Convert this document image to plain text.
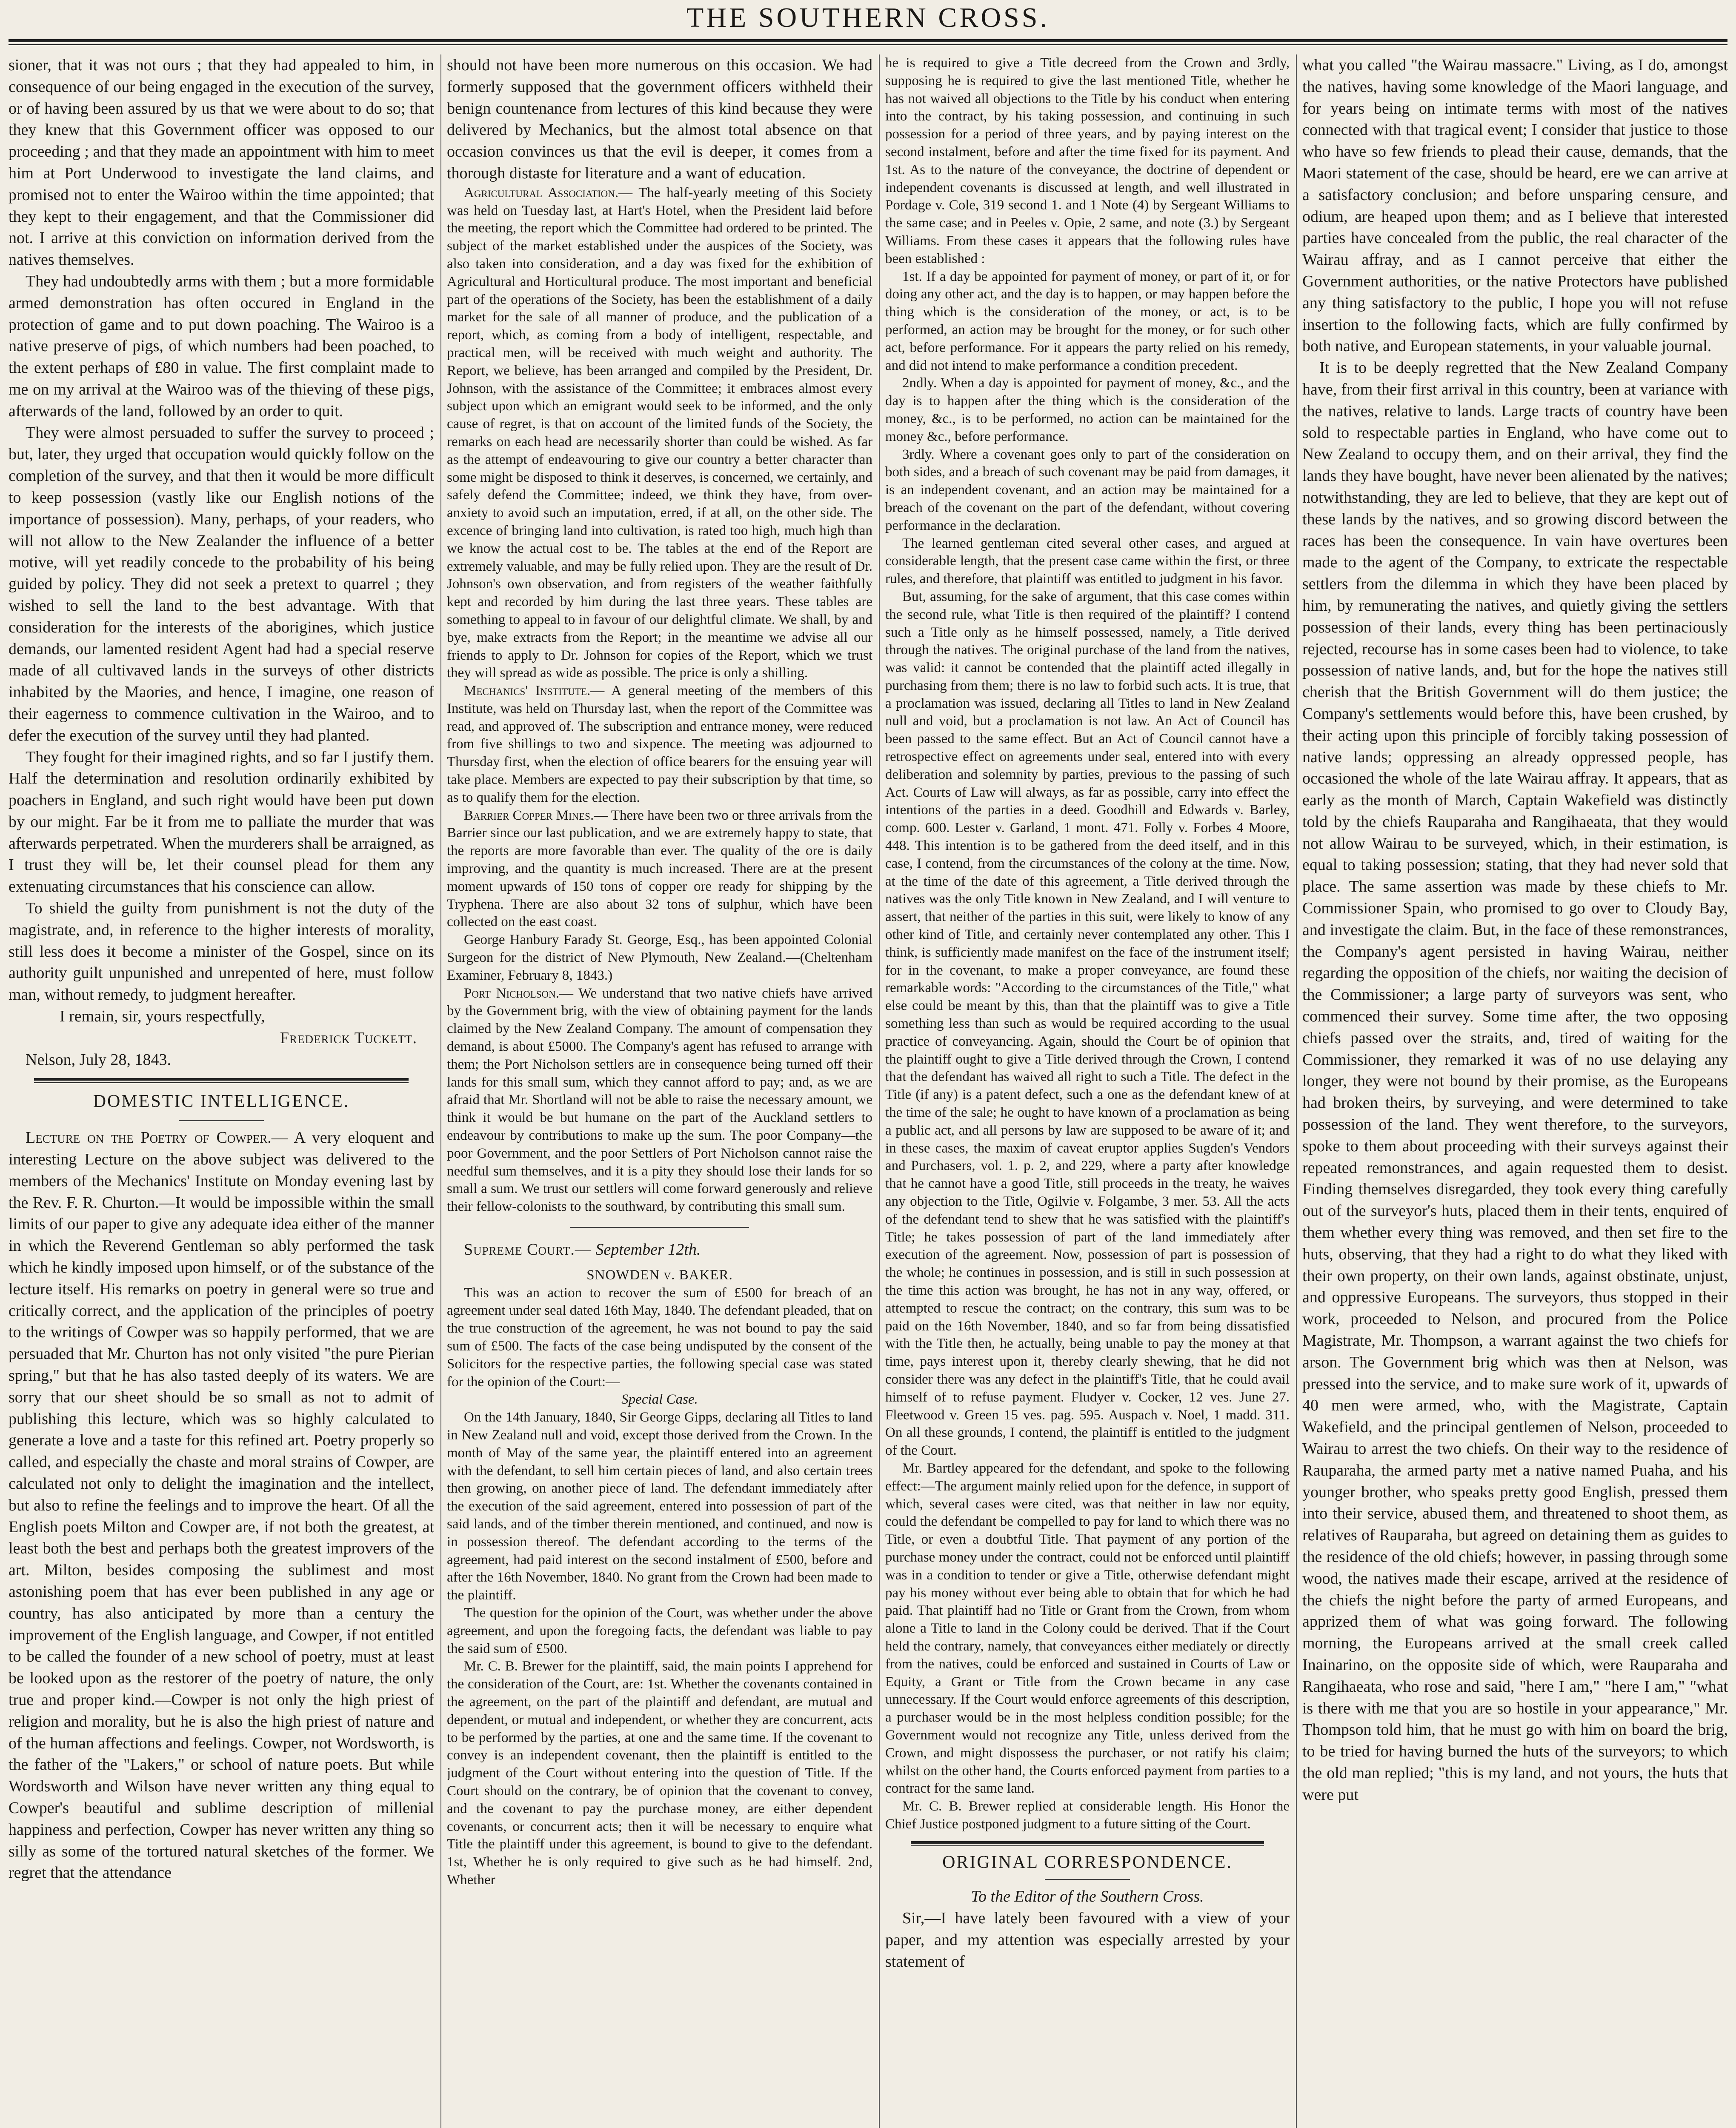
THE SOUTHERN CROSS.

sioner, that it was not ours ; that they had appealed to him, in consequence of our being engaged in the execution of the survey, or of having been assured by us that we were about to do so; that they knew that this Government officer was opposed to our proceeding ; and that they made an appointment with him to meet him at Port Underwood to investigate the land claims, and promised not to enter the Wairoo within the time appointed; that they kept to their engagement, and that the Commissioner did not. I arrive at this conviction on information derived from the natives themselves.

They had undoubtedly arms with them ; but a more formidable armed demonstration has often occured in England in the protection of game and to put down poaching. The Wairoo is a native preserve of pigs, of which numbers had been poached, to the extent perhaps of £80 in value. The first complaint made to me on my arrival at the Wairoo was of the thieving of these pigs, afterwards of the land, followed by an order to quit.

They were almost persuaded to suffer the survey to proceed ; but, later, they urged that occupation would quickly follow on the completion of the survey, and that then it would be more difficult to keep possession (vastly like our English notions of the importance of possession). Many, perhaps, of your readers, who will not allow to the New Zealander the influence of a better motive, will yet readily concede to the probability of his being guided by policy. They did not seek a pretext to quarrel ; they wished to sell the land to the best advantage. With that consideration for the interests of the aborigines, which justice demands, our lamented resident Agent had had a special reserve made of all cultivaved lands in the surveys of other districts inhabited by the Maories, and hence, I imagine, one reason of their eagerness to commence cultivation in the Wairoo, and to defer the execution of the survey until they had planted.

They fought for their imagined rights, and so far I justify them. Half the determination and resolution ordinarily exhibited by poachers in England, and such right would have been put down by our might. Far be it from me to palliate the murder that was afterwards perpetrated. When the murderers shall be arraigned, as I trust they will be, let their counsel plead for them any extenuating circumstances that his conscience can allow.

To shield the guilty from punishment is not the duty of the magistrate, and, in reference to the higher interests of morality, still less does it become a minister of the Gospel, since on its authority guilt unpunished and unrepented of here, must follow man, without remedy, to judgment hereafter.

I remain, sir, yours respectfully,

Frederick Tuckett.

Nelson, July 28, 1843.

DOMESTIC INTELLIGENCE.

Lecture on the Poetry of Cowper.— A very eloquent and interesting Lecture on the above subject was delivered to the members of the Mechanics' Institute on Monday evening last by the Rev. F. R. Churton.—It would be impossible within the small limits of our paper to give any adequate idea either of the manner in which the Reverend Gentleman so ably performed the task which he kindly imposed upon himself, or of the substance of the lecture itself. His remarks on poetry in general were so true and critically correct, and the application of the principles of poetry to the writings of Cowper was so happily performed, that we are persuaded that Mr. Churton has not only visited "the pure Pierian spring," but that he has also tasted deeply of its waters. We are sorry that our sheet should be so small as not to admit of publishing this lecture, which was so highly calculated to generate a love and a taste for this refined art. Poetry properly so called, and especially the chaste and moral strains of Cowper, are calculated not only to delight the imagination and the intellect, but also to refine the feelings and to improve the heart. Of all the English poets Milton and Cowper are, if not both the greatest, at least both the best and perhaps both the greatest improvers of the art. Milton, besides composing the sublimest and most astonishing poem that has ever been published in any age or country, has also anticipated by more than a century the improvement of the English language, and Cowper, if not entitled to be called the founder of a new school of poetry, must at least be looked upon as the restorer of the poetry of nature, the only true and proper kind.—Cowper is not only the high priest of religion and morality, but he is also the high priest of nature and of the human affections and feelings. Cowper, not Wordsworth, is the father of the "Lakers," or school of nature poets. But while Wordsworth and Wilson have never written any thing equal to Cowper's beautiful and sublime description of millenial happiness and perfection, Cowper has never written any thing so silly as some of the tortured natural sketches of the former. We regret that the attendance

should not have been more numerous on this occasion. We had formerly supposed that the government officers withheld their benign countenance from lectures of this kind because they were delivered by Mechanics, but the almost total absence on that occasion convinces us that the evil is deeper, it comes from a thorough distaste for literature and a want of education.

Agricultural Association.— The half-yearly meeting of this Society was held on Tuesday last, at Hart's Hotel, when the President laid before the meeting, the report which the Committee had ordered to be printed. The subject of the market established under the auspices of the Society, was also taken into consideration, and a day was fixed for the exhibition of Agricultural and Horticultural produce. The most important and beneficial part of the operations of the Society, has been the establishment of a daily market for the sale of all manner of produce, and the publication of a report, which, as coming from a body of intelligent, respectable, and practical men, will be received with much weight and authority. The Report, we believe, has been arranged and compiled by the President, Dr. Johnson, with the assistance of the Committee; it embraces almost every subject upon which an emigrant would seek to be informed, and the only cause of regret, is that on account of the limited funds of the Society, the remarks on each head are necessarily shorter than could be wished. As far as the attempt of endeavouring to give our country a better character than some might be disposed to think it deserves, is concerned, we certainly, and safely defend the Committee; indeed, we think they have, from over-anxiety to avoid such an imputation, erred, if at all, on the other side. The excence of bringing land into cultivation, is rated too high, much high than we know the actual cost to be. The tables at the end of the Report are extremely valuable, and may be fully relied upon. They are the result of Dr. Johnson's own observation, and from registers of the weather faithfully kept and recorded by him during the last three years. These tables are something to appeal to in favour of our delightful climate. We shall, by and bye, make extracts from the Report; in the meantime we advise all our friends to apply to Dr. Johnson for copies of the Report, which we trust they will spread as wide as possible. The price is only a shilling.

Mechanics' Institute.— A general meeting of the members of this Institute, was held on Thursday last, when the report of the Committee was read, and approved of. The subscription and entrance money, were reduced from five shillings to two and sixpence. The meeting was adjourned to Thursday first, when the election of office bearers for the ensuing year will take place. Members are expected to pay their subscription by that time, so as to qualify them for the election.

Barrier Copper Mines.— There have been two or three arrivals from the Barrier since our last publication, and we are extremely happy to state, that the reports are more favorable than ever. The quality of the ore is daily improving, and the quantity is much increased. There are at the present moment upwards of 150 tons of copper ore ready for shipping by the Tryphena. There are also about 32 tons of sulphur, which have been collected on the east coast.

George Hanbury Farady St. George, Esq., has been appointed Colonial Surgeon for the district of New Plymouth, New Zealand.—(Cheltenham Examiner, February 8, 1843.)

Port Nicholson.— We understand that two native chiefs have arrived by the Government brig, with the view of obtaining payment for the lands claimed by the New Zealand Company. The amount of compensation they demand, is about £5000. The Company's agent has refused to arrange with them; the Port Nicholson settlers are in consequence being turned off their lands for this small sum, which they cannot afford to pay; and, as we are afraid that Mr. Shortland will not be able to raise the necessary amount, we think it would be but humane on the part of the Auckland settlers to endeavour by contributions to make up the sum. The poor Company—the poor Government, and the poor Settlers of Port Nicholson cannot raise the needful sum themselves, and it is a pity they should lose their lands for so small a sum. We trust our settlers will come forward generously and relieve their fellow-colonists to the southward, by contributing this small sum.

Supreme Court.— September 12th.

SNOWDEN v. BAKER.

This was an action to recover the sum of £500 for breach of an agreement under seal dated 16th May, 1840. The defendant pleaded, that on the true construction of the agreement, he was not bound to pay the said sum of £500. The facts of the case being undisputed by the consent of the Solicitors for the respective parties, the following special case was stated for the opinion of the Court:—

Special Case.

On the 14th January, 1840, Sir George Gipps, declaring all Titles to land in New Zealand null and void, except those derived from the Crown. In the month of May of the same year, the plaintiff entered into an agreement with the defendant, to sell him certain pieces of land, and also certain trees then growing, on another piece of land. The defendant immediately after the execution of the said agreement, entered into possession of part of the said lands, and of the timber therein mentioned, and continued, and now is in possession thereof. The defendant according to the terms of the agreement, had paid interest on the second instalment of £500, before and after the 16th November, 1840. No grant from the Crown had been made to the plaintiff.

The question for the opinion of the Court, was whether under the above agreement, and upon the foregoing facts, the defendant was liable to pay the said sum of £500.

Mr. C. B. Brewer for the plaintiff, said, the main points I apprehend for the consideration of the Court, are: 1st. Whether the covenants contained in the agreement, on the part of the plaintiff and defendant, are mutual and dependent, or mutual and independent, or whether they are concurrent, acts to be performed by the parties, at one and the same time. If the covenant to convey is an independent covenant, then the plaintiff is entitled to the judgment of the Court without entering into the question of Title. If the Court should on the contrary, be of opinion that the covenant to convey, and the covenant to pay the purchase money, are either dependent covenants, or concurrent acts; then it will be necessary to enquire what Title the plaintiff under this agreement, is bound to give to the defendant. 1st, Whether he is only required to give such as he had himself. 2nd, Whether

he is required to give a Title decreed from the Crown and 3rdly, supposing he is required to give the last mentioned Title, whether he has not waived all objections to the Title by his conduct when entering into the contract, by his taking possession, and continuing in such possession for a period of three years, and by paying interest on the second instalment, before and after the time fixed for its payment. And 1st. As to the nature of the conveyance, the doctrine of dependent or independent covenants is discussed at length, and well illustrated in Pordage v. Cole, 319 second 1. and 1 Note (4) by Sergeant Williams to the same case; and in Peeles v. Opie, 2 same, and note (3.) by Sergeant Williams. From these cases it appears that the following rules have been established :

1st. If a day be appointed for payment of money, or part of it, or for doing any other act, and the day is to happen, or may happen before the thing which is the consideration of the money, or act, is to be performed, an action may be brought for the money, or for such other act, before performance. For it appears the party relied on his remedy, and did not intend to make performance a condition precedent.

2ndly. When a day is appointed for payment of money, &c., and the day is to happen after the thing which is the consideration of the money, &c., is to be performed, no action can be maintained for the money &c., before performance.

3rdly. Where a covenant goes only to part of the consideration on both sides, and a breach of such covenant may be paid from damages, it is an independent covenant, and an action may be maintained for a breach of the covenant on the part of the defendant, without covering performance in the declaration.

The learned gentleman cited several other cases, and argued at considerable length, that the present case came within the first, or three rules, and therefore, that plaintiff was entitled to judgment in his favor.

But, assuming, for the sake of argument, that this case comes within the second rule, what Title is then required of the plaintiff? I contend such a Title only as he himself possessed, namely, a Title derived through the natives. The original purchase of the land from the natives, was valid: it cannot be contended that the plaintiff acted illegally in purchasing from them; there is no law to forbid such acts. It is true, that a proclamation was issued, declaring all Titles to land in New Zealand null and void, but a proclamation is not law. An Act of Council has been passed to the same effect. But an Act of Council cannot have a retrospective effect on agreements under seal, entered into with every deliberation and solemnity by parties, previous to the passing of such Act. Courts of Law will always, as far as possible, carry into effect the intentions of the parties in a deed. Goodhill and Edwards v. Barley, comp. 600. Lester v. Garland, 1 mont. 471. Folly v. Forbes 4 Moore, 448. This intention is to be gathered from the deed itself, and in this case, I contend, from the circumstances of the colony at the time. Now, at the time of the date of this agreement, a Title derived through the natives was the only Title known in New Zealand, and I will venture to assert, that neither of the parties in this suit, were likely to know of any other kind of Title, and certainly never contemplated any other. This I think, is sufficiently made manifest on the face of the instrument itself; for in the covenant, to make a proper conveyance, are found these remarkable words: "According to the circumstances of the Title," what else could be meant by this, than that the plaintiff was to give a Title something less than such as would be required according to the usual practice of conveyancing. Again, should the Court be of opinion that the plaintiff ought to give a Title derived through the Crown, I contend that the defendant has waived all right to such a Title. The defect in the Title (if any) is a patent defect, such a one as the defendant knew of at the time of the sale; he ought to have known of a proclamation as being a public act, and all persons by law are supposed to be aware of it; and in these cases, the maxim of caveat eruptor applies Sugden's Vendors and Purchasers, vol. 1. p. 2, and 229, where a party after knowledge that he cannot have a good Title, still proceeds in the treaty, he waives any objection to the Title, Ogilvie v. Folgambe, 3 mer. 53. All the acts of the defendant tend to shew that he was satisfied with the plaintiff's Title; he takes possession of part of the land immediately after execution of the agreement. Now, possession of part is possession of the whole; he continues in possession, and is still in such possession at the time this action was brought, he has not in any way, offered, or attempted to rescue the contract; on the contrary, this sum was to be paid on the 16th November, 1840, and so far from being dissatisfied with the Title then, he actually, being unable to pay the money at that time, pays interest upon it, thereby clearly shewing, that he did not consider there was any defect in the plaintiff's Title, that he could avail himself of to refuse payment. Fludyer v. Cocker, 12 ves. June 27. Fleetwood v. Green 15 ves. pag. 595. Auspach v. Noel, 1 madd. 311. On all these grounds, I contend, the plaintiff is entitled to the judgment of the Court.

Mr. Bartley appeared for the defendant, and spoke to the following effect:—The argument mainly relied upon for the defence, in support of which, several cases were cited, was that neither in law nor equity, could the defendant be compelled to pay for land to which there was no Title, or even a doubtful Title. That payment of any portion of the purchase money under the contract, could not be enforced until plaintiff was in a condition to tender or give a Title, otherwise defendant might pay his money without ever being able to obtain that for which he had paid. That plaintiff had no Title or Grant from the Crown, from whom alone a Title to land in the Colony could be derived. That if the Court held the contrary, namely, that conveyances either mediately or directly from the natives, could be enforced and sustained in Courts of Law or Equity, a Grant or Title from the Crown became in any case unnecessary. If the Court would enforce agreements of this description, a purchaser would be in the most helpless condition possible; for the Government would not recognize any Title, unless derived from the Crown, and might dispossess the purchaser, or not ratify his claim; whilst on the other hand, the Courts enforced payment from parties to a contract for the same land.

Mr. C. B. Brewer replied at considerable length. His Honor the Chief Justice postponed judgment to a future sitting of the Court.

ORIGINAL CORRESPONDENCE.

To the Editor of the Southern Cross.

Sir,—I have lately been favoured with a view of your paper, and my attention was especially arrested by your statement of

what you called "the Wairau massacre." Living, as I do, amongst the natives, having some knowledge of the Maori language, and for years being on intimate terms with most of the natives connected with that tragical event; I consider that justice to those who have so few friends to plead their cause, demands, that the Maori statement of the case, should be heard, ere we can arrive at a satisfactory conclusion; and before unsparing censure, and odium, are heaped upon them; and as I believe that interested parties have concealed from the public, the real character of the Wairau affray, and as I cannot perceive that either the Government authorities, or the native Protectors have published any thing satisfactory to the public, I hope you will not refuse insertion to the following facts, which are fully confirmed by both native, and European statements, in your valuable journal.

It is to be deeply regretted that the New Zealand Company have, from their first arrival in this country, been at variance with the natives, relative to lands. Large tracts of country have been sold to respectable parties in England, who have come out to New Zealand to occupy them, and on their arrival, they find the lands they have bought, have never been alienated by the natives; notwithstanding, they are led to believe, that they are kept out of these lands by the natives, and so growing discord between the races has been the consequence. In vain have overtures been made to the agent of the Company, to extricate the respectable settlers from the dilemma in which they have been placed by him, by remunerating the natives, and quietly giving the settlers possession of their lands, every thing has been pertinaciously rejected, recourse has in some cases been had to violence, to take possession of native lands, and, but for the hope the natives still cherish that the British Government will do them justice; the Company's settlements would before this, have been crushed, by their acting upon this principle of forcibly taking possession of native lands; oppressing an already oppressed people, has occasioned the whole of the late Wairau affray. It appears, that as early as the month of March, Captain Wakefield was distinctly told by the chiefs Rauparaha and Rangihaeata, that they would not allow Wairau to be surveyed, which, in their estimation, is equal to taking possession; stating, that they had never sold that place. The same assertion was made by these chiefs to Mr. Commissioner Spain, who promised to go over to Cloudy Bay, and investigate the claim. But, in the face of these remonstrances, the Company's agent persisted in having Wairau, neither regarding the opposition of the chiefs, nor waiting the decision of the Commissioner; a large party of surveyors was sent, who commenced their survey. Some time after, the two opposing chiefs passed over the straits, and, tired of waiting for the Commissioner, they remarked it was of no use delaying any longer, they were not bound by their promise, as the Europeans had broken theirs, by surveying, and were determined to take possession of the land. They went therefore, to the surveyors, spoke to them about proceeding with their surveys against their repeated remonstrances, and again requested them to desist. Finding themselves disregarded, they took every thing carefully out of the surveyor's huts, placed them in their tents, enquired of them whether every thing was removed, and then set fire to the huts, observing, that they had a right to do what they liked with their own property, on their own lands, against obstinate, unjust, and oppressive Europeans. The surveyors, thus stopped in their work, proceeded to Nelson, and procured from the Police Magistrate, Mr. Thompson, a warrant against the two chiefs for arson. The Government brig which was then at Nelson, was pressed into the service, and to make sure work of it, upwards of 40 men were armed, who, with the Magistrate, Captain Wakefield, and the principal gentlemen of Nelson, proceeded to Wairau to arrest the two chiefs. On their way to the residence of Rauparaha, the armed party met a native named Puaha, and his younger brother, who speaks pretty good English, pressed them into their service, abused them, and threatened to shoot them, as relatives of Rauparaha, but agreed on detaining them as guides to the residence of the old chiefs; however, in passing through some wood, the natives made their escape, arrived at the residence of the chiefs the night before the party of armed Europeans, and apprized them of what was going forward. The following morning, the Europeans arrived at the small creek called Inainarino, on the opposite side of which, were Rauparaha and Rangihaeata, who rose and said, "here I am," "here I am," "what is there with me that you are so hostile in your appearance," Mr. Thompson told him, that he must go with him on board the brig, to be tried for having burned the huts of the surveyors; to which the old man replied; "this is my land, and not yours, the huts that were put
